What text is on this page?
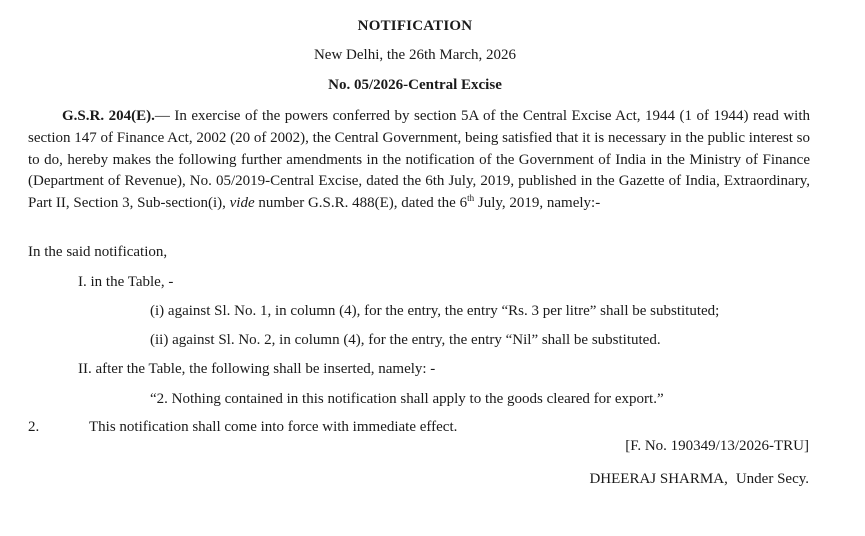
NOTIFICATION
New Delhi, the 26th March, 2026
No. 05/2026-Central Excise
G.S.R. 204(E).— In exercise of the powers conferred by section 5A of the Central Excise Act, 1944 (1 of 1944) read with section 147 of Finance Act, 2002 (20 of 2002), the Central Government, being satisfied that it is necessary in the public interest so to do, hereby makes the following further amendments in the notification of the Government of India in the Ministry of Finance (Department of Revenue), No. 05/2019-Central Excise, dated the 6th July, 2019, published in the Gazette of India, Extraordinary, Part II, Section 3, Sub-section(i), vide number G.S.R. 488(E), dated the 6th July, 2019, namely:-
In the said notification,
I. in the Table, -
(i) against Sl. No. 1, in column (4), for the entry, the entry “Rs. 3 per litre” shall be substituted;
(ii) against Sl. No. 2, in column (4), for the entry, the entry “Nil” shall be substituted.
II. after the Table, the following shall be inserted, namely: -
“2. Nothing contained in this notification shall apply to the goods cleared for export.”
2.	This notification shall come into force with immediate effect.
[F. No. 190349/13/2026-TRU]
DHEERAJ SHARMA, Under Secy.
